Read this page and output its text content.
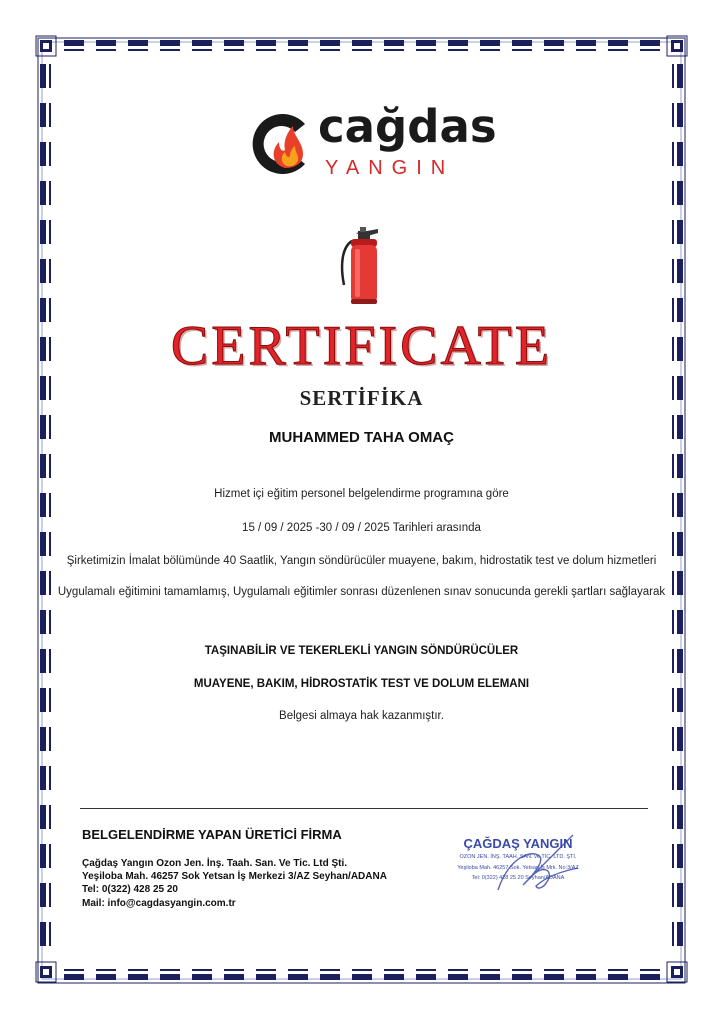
cağdas
YANGIN
CERTIFICATE
SERTİFİKA
MUHAMMED TAHA OMAÇ
Hizmet içi eğitim personel belgelendirme programına göre
15 / 09 / 2025 -30 / 09 / 2025 Tarihleri arasında
Şirketimizin İmalat bölümünde 40 Saatlik, Yangın söndürücüler muayene, bakım, hidrostatik test ve dolum hizmetleri
Uygulamalı eğitimini tamamlamış, Uygulamalı eğitimler sonrası düzenlenen sınav sonucunda gerekli şartları sağlayarak
TAŞINABİLİR VE TEKERLEKLİ YANGIN SÖNDÜRÜCÜLER
MUAYENE, BAKIM, HİDROSTATİK TEST VE DOLUM ELEMANI
Belgesi almaya hak kazanmıştır.
BELGELENDİRME YAPAN ÜRETİCİ FİRMA
Çağdaş Yangın Ozon Jen. İnş. Taah. San. Ve Tic. Ltd Şti.
Yeşiloba Mah. 46257 Sok Yetsan İş Merkezi 3/AZ Seyhan/ADANA
Tel: 0(322) 428 25 20
Mail: info@cagdasyangin.com.tr
ÇAĞDAŞ YANGIN
OZON JEN. İNŞ. TAAH. SAN. ve TİC. LTD. ŞTİ.
Yeşiloba Mah. 46257 Sok. Yetsan İş Mrk. No:3/AZ
Tel: 0(322) 428 25 20 Seyhan/ADANA
